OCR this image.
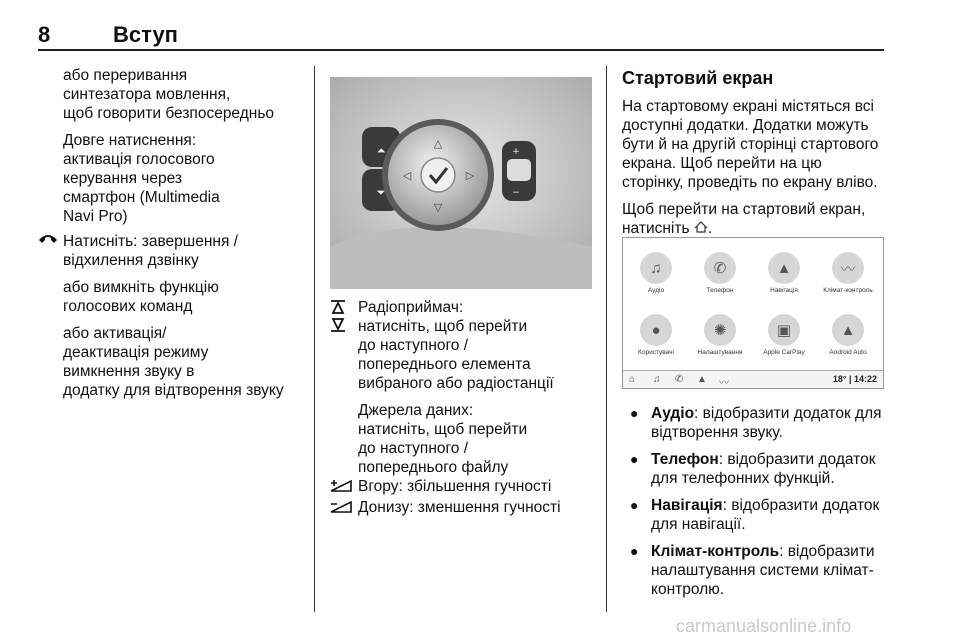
8	Вступ
або переривання
синтезатора мовлення,
щоб говорити безпосередньо
Довге натиснення:
активація голосового
керування через
смартфон (Multimedia
Navi Pro)
Натисніть: завершення /
відхилення дзвінку
або вимкніть функцію
голосових команд
або активація/
деактивація режиму
вимкнення звуку в
додатку для відтворення звуку
⏶
⏷
△
▽
◁	▷
+
−
Радіоприймач:
натисніть, щоб перейти
до наступного /
попереднього елемента
вибраного або радіостанції
Джерела даних:
натисніть, щоб перейти
до наступного /
попереднього файлу
Вгору: збільшення гучності
Донизу: зменшення гучності
Стартовий екран
На стартовому екрані містяться всі
доступні додатки. Додатки можуть
бути й на другій сторінці стартового
екрана. Щоб перейти на цю
сторінку, проведіть по екрану вліво.
Щоб перейти на стартовий екран,
натисніть .
♫
Аудіо
✆
Телефон
▲
Навігація
〰
Клімат-контроль
●
Користувачі
✺
Налаштування
▣
Apple CarPlay
▲
Android Auto
⌂ ♫ ✆ ▲ 〰	18° | 14:22
● Аудіо: відобразити додаток для
відтворення звуку.
● Телефон: відобразити додаток
для телефонних функцій.
● Навігація: відобразити додаток
для навігації.
● Клімат-контроль: відобразити
налаштування системи клімат-
контролю.
carmanualsonline.info
